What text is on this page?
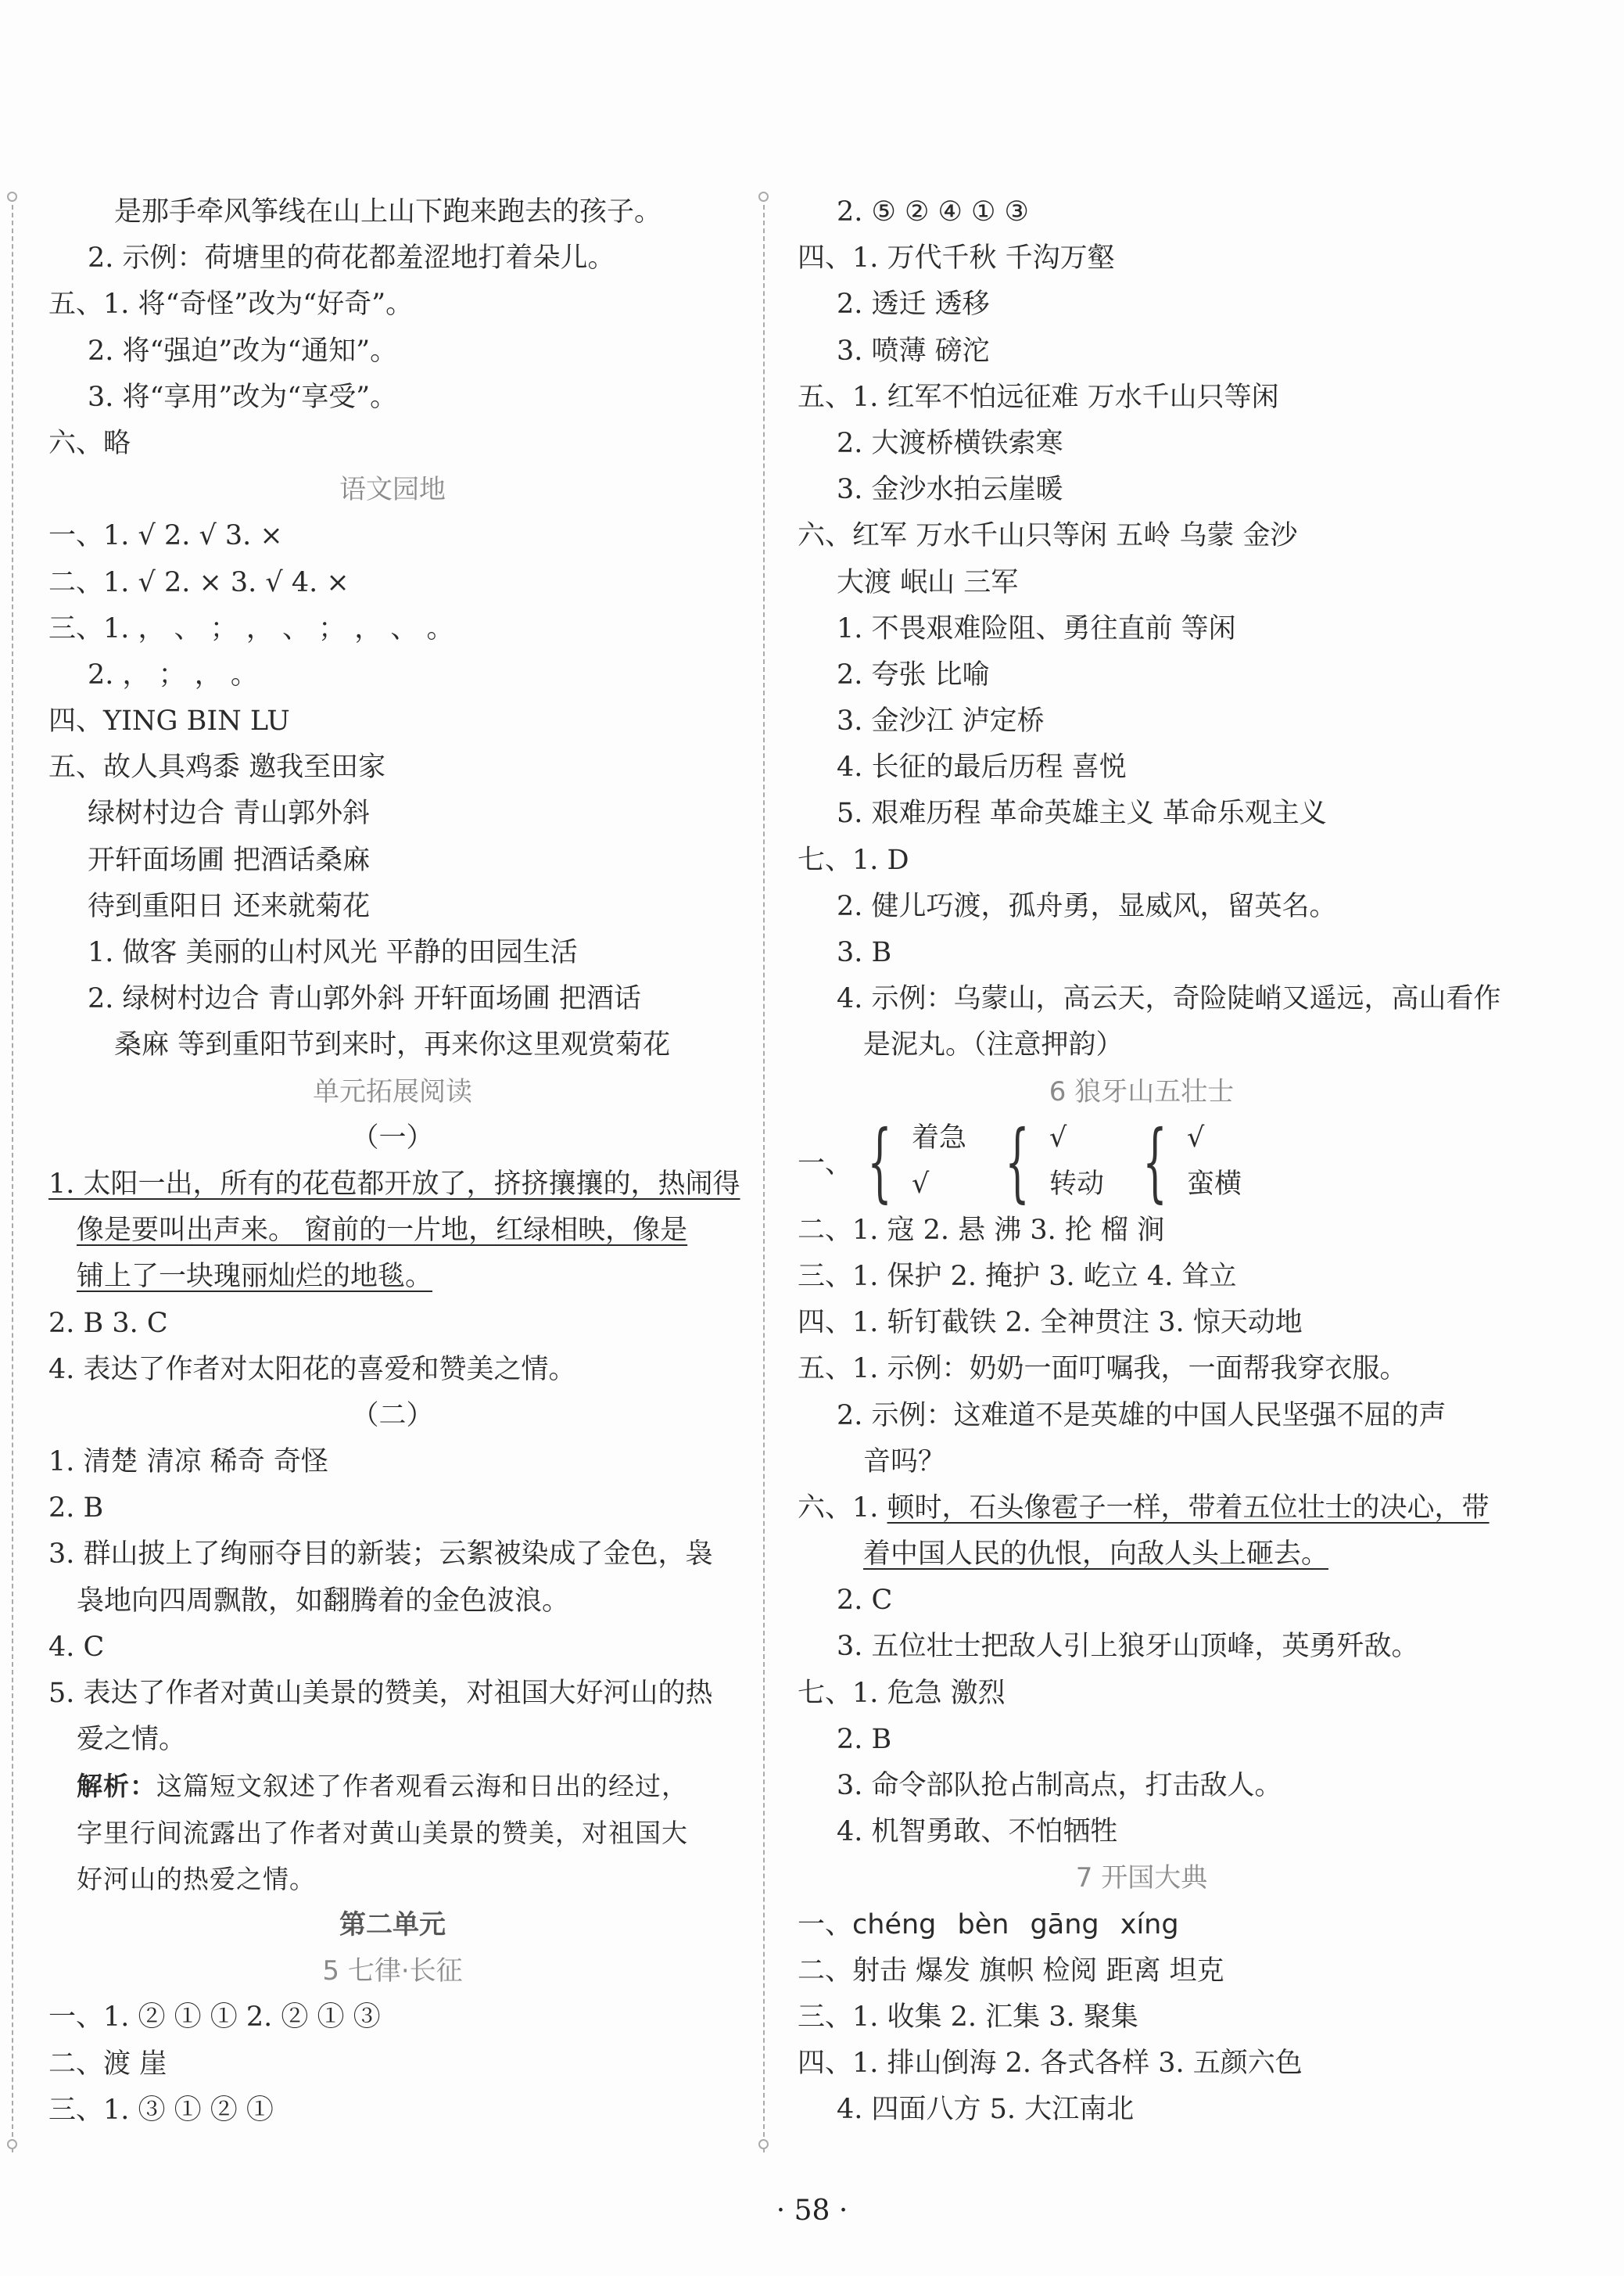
是那手牵风筝线在山上山下跑来跑去的孩子。
2. 示例：荷塘里的荷花都羞涩地打着朵儿。
五、1. 将“奇怪”改为“好奇”。
2. 将“强迫”改为“通知”。
3. 将“享用”改为“享受”。
六、略
语文园地
一、1. √ 2. √ 3. ×
二、1. √ 2. × 3. √ 4. ×
三、1. ， 、 ； ， 、 ； ， 、 。
2. ， ； ， 。
四、YING BIN LU
五、故人具鸡黍 邀我至田家
绿树村边合 青山郭外斜
开轩面场圃 把酒话桑麻
待到重阳日 还来就菊花
1. 做客 美丽的山村风光 平静的田园生活
2. 绿树村边合 青山郭外斜 开轩面场圃 把酒话
桑麻 等到重阳节到来时，再来你这里观赏菊花
单元拓展阅读
（一）
1. 太阳一出，所有的花苞都开放了，挤挤攘攘的，热闹得
像是要叫出声来。 窗前的一片地，红绿相映，像是
铺上了一块瑰丽灿烂的地毯。
2. B 3. C
4. 表达了作者对太阳花的喜爱和赞美之情。
（二）
1. 清楚 清凉 稀奇 奇怪
2. B
3. 群山披上了绚丽夺目的新装；云絮被染成了金色，袅
袅地向四周飘散，如翻腾着的金色波浪。
4. C
5. 表达了作者对黄山美景的赞美，对祖国大好河山的热
爱之情。
解析：这篇短文叙述了作者观看云海和日出的经过，
字里行间流露出了作者对黄山美景的赞美，对祖国大
好河山的热爱之情。
第二单元
5 七律·长征
一、1. ② ① ① 2. ② ① ③
二、渡 崖
三、1. ③ ① ② ①
2. ⑤ ② ④ ① ③
四、1. 万代千秋 千沟万壑
2. 透迁 透移
3. 喷薄 磅沱
五、1. 红军不怕远征难 万水千山只等闲
2. 大渡桥横铁索寒
3. 金沙水拍云崖暖
六、红军 万水千山只等闲 五岭 乌蒙 金沙
大渡 岷山 三军
1. 不畏艰难险阻、勇往直前 等闲
2. 夸张 比喻
3. 金沙江 泸定桥
4. 长征的最后历程 喜悦
5. 艰难历程 革命英雄主义 革命乐观主义
七、1. D
2. 健儿巧渡，孤舟勇，显威风，留英名。
3. B
4. 示例：乌蒙山，高云天，奇险陡峭又遥远，高山看作
是泥丸。（注意押韵）
6 狼牙山五壮士
一、 { 着急
√ { √
转动 { √
蛮横
二、1. 寇 2. 悬 沸 3. 抡 榴 涧
三、1. 保护 2. 掩护 3. 屹立 4. 耸立
四、1. 斩钉截铁 2. 全神贯注 3. 惊天动地
五、1. 示例：奶奶一面叮嘱我，一面帮我穿衣服。
2. 示例：这难道不是英雄的中国人民坚强不屈的声
音吗？
六、1. 顿时，石头像雹子一样，带着五位壮士的决心，带
着中国人民的仇恨，向敌人头上砸去。
2. C
3. 五位壮士把敌人引上狼牙山顶峰，英勇歼敌。
七、1. 危急 激烈
2. B
3. 命令部队抢占制高点，打击敌人。
4. 机智勇敢、不怕牺牲
7 开国大典
一、chéng bèn gāng xíng
二、射击 爆发 旗帜 检阅 距离 坦克
三、1. 收集 2. 汇集 3. 聚集
四、1. 排山倒海 2. 各式各样 3. 五颜六色
4. 四面八方 5. 大江南北
· 58 ·
